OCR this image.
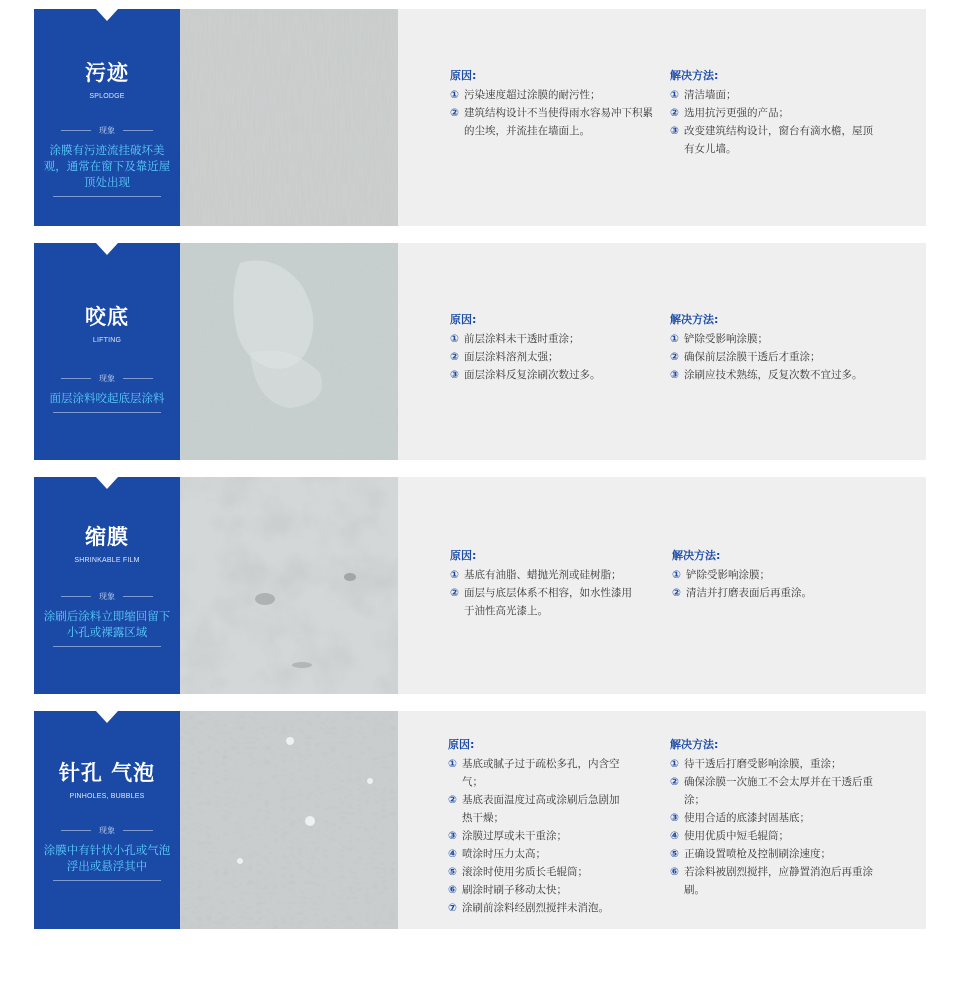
污迹
SPLODGE
现象
涂膜有污迹流挂破坏美观，通常在窗下及靠近屋顶处出现
原因:
① 污染速度超过涂膜的耐污性；
② 建筑结构设计不当使得雨水容易冲下积累的尘埃，并流挂在墙面上。
解决方法:
① 清洁墙面；
② 选用抗污更强的产品；
③ 改变建筑结构设计，窗台有滴水檐，屋顶有女儿墙。
咬底
LIFTING
现象
面层涂料咬起底层涂料
原因:
① 前层涂料未干透时重涂；
② 面层涂料溶剂太强；
③ 面层涂料反复涂刷次数过多。
解决方法:
① 铲除受影响涂膜；
② 确保前层涂膜干透后才重涂；
③ 涂刷应技术熟练，反复次数不宜过多。
缩膜
SHRINKABLE FILM
现象
涂刷后涂料立即缩回留下小孔或裸露区域
原因:
① 基底有油脂、蜡抛光剂或硅树脂；
② 面层与底层体系不相容，如水性漆用于油性高光漆上。
解决方法:
① 铲除受影响涂膜；
② 清洁并打磨表面后再重涂。
针孔 气泡
PINHOLES, BUBBLES
现象
涂膜中有针状小孔或气泡浮出或悬浮其中
原因:
① 基底或腻子过于疏松多孔，内含空气；
② 基底表面温度过高或涂刷后急剧加热干燥；
③ 涂膜过厚或未干重涂；
④ 喷涂时压力太高；
⑤ 滚涂时使用劣质长毛辊筒；
⑥ 刷涂时刷子移动太快；
⑦ 涂刷前涂料经剧烈搅拌未消泡。
解决方法:
① 待干透后打磨受影响涂膜，重涂；
② 确保涂膜一次施工不会太厚并在干透后重涂；
③ 使用合适的底漆封固基底；
④ 使用优质中短毛辊筒；
⑤ 正确设置喷枪及控制刷涂速度；
⑥ 若涂料被剧烈搅拌，应静置消泡后再重涂刷。
